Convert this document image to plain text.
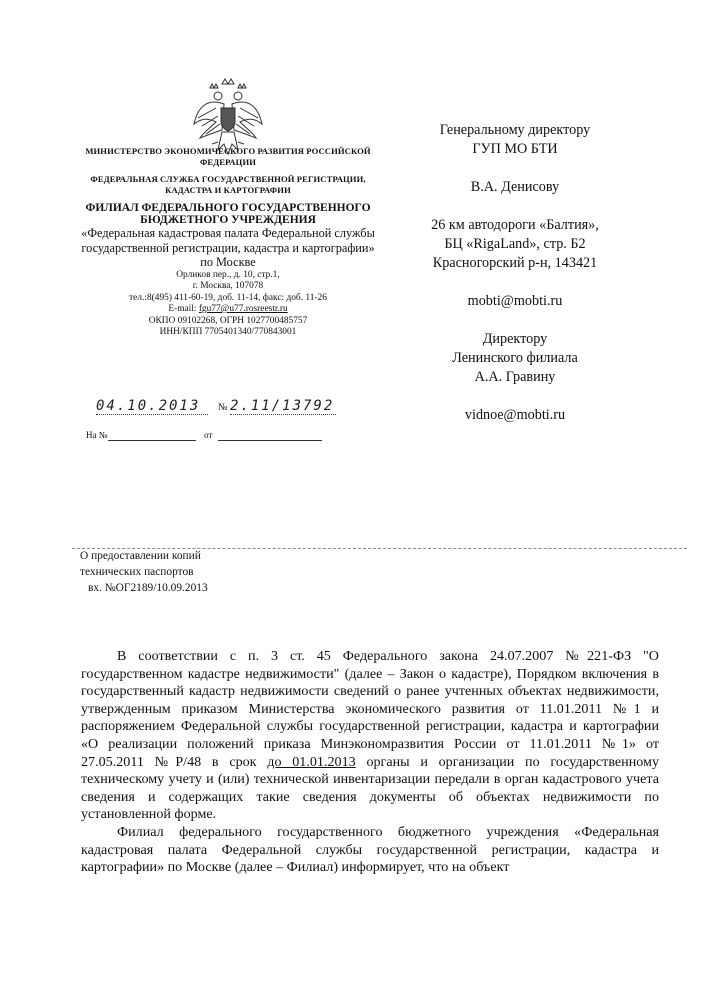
МИНИСТЕРСТВО ЭКОНОМИЧЕСКОГО РАЗВИТИЯ РОССИЙСКОЙ ФЕДЕРАЦИИ
ФЕДЕРАЛЬНАЯ СЛУЖБА ГОСУДАРСТВЕННОЙ РЕГИСТРАЦИИ, КАДАСТРА И КАРТОГРАФИИ
ФИЛИАЛ ФЕДЕРАЛЬНОГО ГОСУДАРСТВЕННОГО БЮДЖЕТНОГО УЧРЕЖДЕНИЯ
«Федеральная кадастровая палата Федеральной службы государственной регистрации, кадастра и картографии»
по Москве
Орликов пер., д. 10, стр.1,
г. Москва, 107078
тел.:8(495) 411-60-19, доб. 11-14, факс: доб. 11-26
E-mail: fgu77@u77.rosreestr.ru
ОКПО 09102268, ОГРН 1027700485757
ИНН/КПП 7705401340/770843001
04.10.2013	№ 2.11/13792
На №	от
Генеральному директору
ГУП МО БТИ
В.А. Денисову
26 км автодороги «Балтия»,
БЦ «RigaLand», стр. Б2
Красногорский р-н, 143421
mobti@mobti.ru
Директору
Ленинского филиала
А.А. Гравину
vidnoe@mobti.ru
О предоставлении копий
технических паспортов
вх. №ОГ2189/10.09.2013

В соответствии с п. 3 ст. 45 Федерального закона 24.07.2007 №221-ФЗ "О государственном кадастре недвижимости" (далее – Закон о кадастре), Порядком включения в государственный кадастр недвижимости сведений о ранее учтенных объектах недвижимости, утвержденным приказом Министерства экономического развития от 11.01.2011 №1 и распоряжением Федеральной службы государственной регистрации, кадастра и картографии «О реализации положений приказа Минэкономразвития России от 11.01.2011 №1» от 27.05.2011 №Р/48 в срок до 01.01.2013 органы и организации по государственному техническому учету и (или) технической инвентаризации передали в орган кадастрового учета сведения и содержащих такие сведения документы об объектах недвижимости по установленной форме.

Филиал федерального государственного бюджетного учреждения «Федеральная кадастровая палата Федеральной службы государственной регистрации, кадастра и картографии» по Москве (далее – Филиал) информирует, что на объект
